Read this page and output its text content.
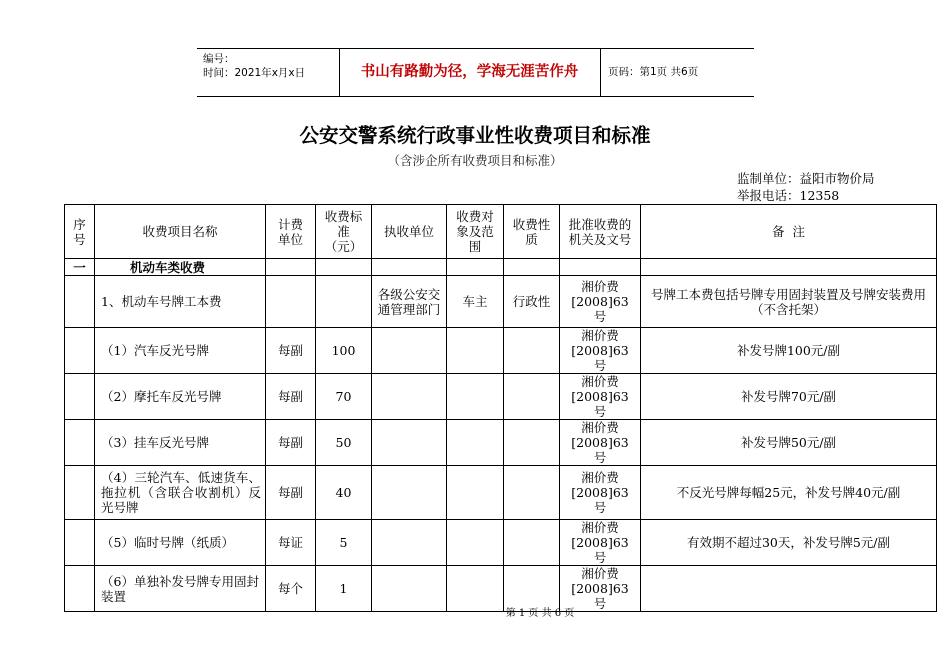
编号：
时间：2021年x月x日	书山有路勤为径，学海无涯苦作舟	页码：第1页 共6页
公安交警系统行政事业性收费项目和标准
（含涉企所有收费项目和标准）
监制单位：益阳市物价局
举报电话：12358
序号	收费项目名称	计费单位	收费标准（元）	执收单位	收费对象及范围	收费性质	批准收费的机关及文号	备  注
一	机动车类收费							
	1、机动车号牌工本费			各级公安交通管理部门	车主	行政性	湘价费[2008]63号	号牌工本费包括号牌专用固封装置及号牌安装费用（不含托架）
	（1）汽车反光号牌	每副	100				湘价费[2008]63号	补发号牌100元/副
	（2）摩托车反光号牌	每副	70				湘价费[2008]63号	补发号牌70元/副
	（3）挂车反光号牌	每副	50				湘价费[2008]63号	补发号牌50元/副
	（4）三轮汽车、低速货车、拖拉机（含联合收割机）反光号牌	每副	40				湘价费[2008]63号	不反光号牌每幅25元，补发号牌40元/副
	（5）临时号牌（纸质）	每证	5				湘价费[2008]63号	有效期不超过30天，补发号牌5元/副
	（6）单独补发号牌专用固封装置	每个	1				湘价费[2008]63号	
第 1 页 共 6 页
